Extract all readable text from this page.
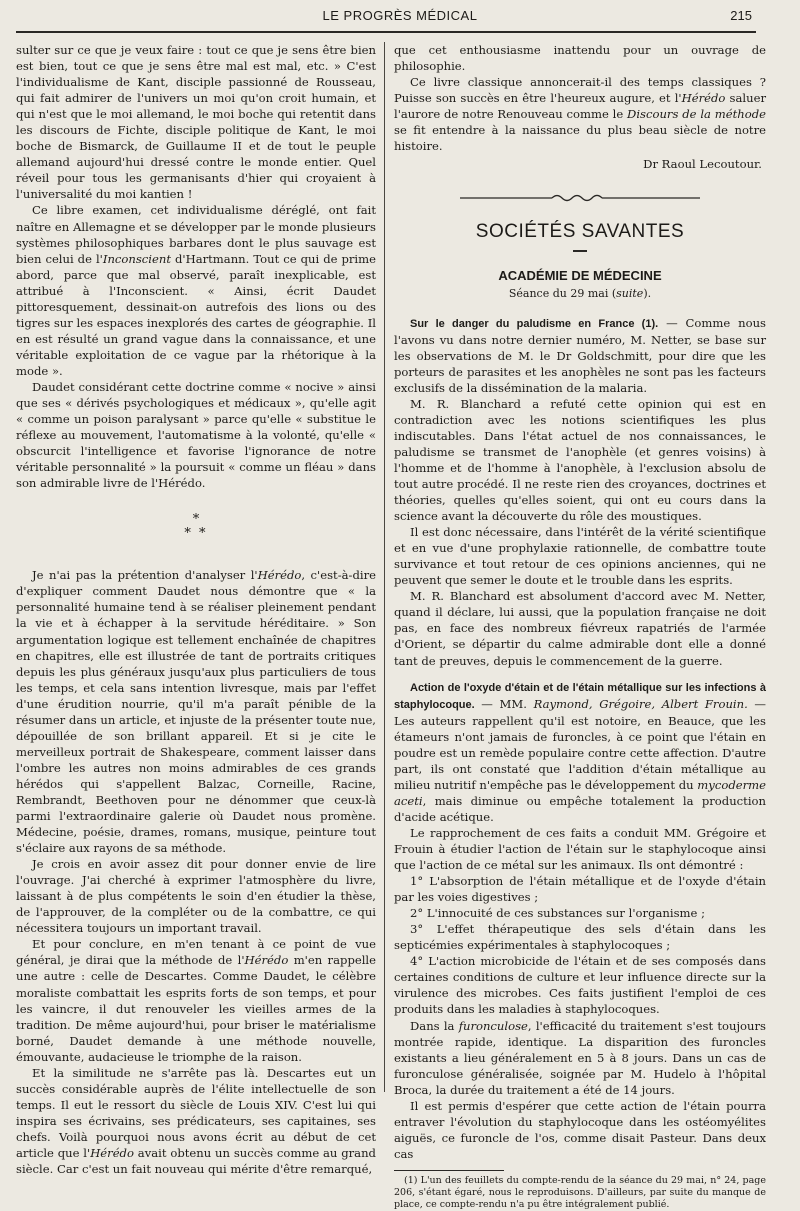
LE PROGRÈS MÉDICAL	215

sulter sur ce que je veux faire : tout ce que je sens être bien est bien, tout ce que je sens être mal est mal, etc. » C'est l'individualisme de Kant, disciple passionné de Rousseau, qui fait admirer de l'univers un moi qu'on croit humain, et qui n'est que le moi allemand, le moi boche qui retentit dans les discours de Fichte, disciple politique de Kant, le moi boche de Bismarck, de Guillaume II et de tout le peuple allemand aujourd'hui dressé contre le monde entier. Quel réveil pour tous les germanisants d'hier qui croyaient à l'universalité du moi kantien !

Ce libre examen, cet individualisme déréglé, ont fait naître en Allemagne et se développer par le monde plusieurs systèmes philosophiques barbares dont le plus sauvage est bien celui de l'Inconscient d'Hartmann. Tout ce qui de prime abord, parce que mal observé, paraît inexplicable, est attribué à l'Inconscient. « Ainsi, écrit Daudet pittoresquement, dessinait-on autrefois des lions ou des tigres sur les espaces inexplorés des cartes de géographie. Il en est résulté un grand vague dans la connaissance, et une véritable exploitation de ce vague par la rhétorique à la mode ».

Daudet considérant cette doctrine comme « nocive » ainsi que ses « dérivés psychologiques et médicaux », qu'elle agit « comme un poison paralysant » parce qu'elle « substitue le réflexe au mouvement, l'automatisme à la volonté, qu'elle « obscurcit l'intelligence et favorise l'ignorance de notre véritable personnalité » la poursuit « comme un fléau » dans son admirable livre de l'Hérédo.

*
* *

Je n'ai pas la prétention d'analyser l'Hérédo, c'est-à-dire d'expliquer comment Daudet nous démontre que « la personnalité humaine tend à se réaliser pleinement pendant la vie et à échapper à la servitude héréditaire. » Son argumentation logique est tellement enchaînée de chapitres en chapitres, elle est illustrée de tant de portraits critiques depuis les plus généraux jusqu'aux plus particuliers de tous les temps, et cela sans intention livresque, mais par l'effet d'une érudition nourrie, qu'il m'a paraît pénible de la résumer dans un article, et injuste de la présenter toute nue, dépouillée de son brillant appareil. Et si je cite le merveilleux portrait de Shakespeare, comment laisser dans l'ombre les autres non moins admirables de ces grands hérédos qui s'appellent Balzac, Corneille, Racine, Rembrandt, Beethoven pour ne dénommer que ceux-là parmi l'extraordinaire galerie où Daudet nous promène. Médecine, poésie, drames, romans, musique, peinture tout s'éclaire aux rayons de sa méthode.

Je crois en avoir assez dit pour donner envie de lire l'ouvrage. J'ai cherché à exprimer l'atmosphère du livre, laissant à de plus compétents le soin d'en étudier la thèse, de l'approuver, de la compléter ou de la combattre, ce qui nécessitera toujours un important travail.

Et pour conclure, en m'en tenant à ce point de vue général, je dirai que la méthode de l'Hérédo m'en rappelle une autre : celle de Descartes. Comme Daudet, le célèbre moraliste combattait les esprits forts de son temps, et pour les vaincre, il dut renouveler les vieilles armes de la tradition. De même aujourd'hui, pour briser le matérialisme borné, Daudet demande à une méthode nouvelle, émouvante, audacieuse le triomphe de la raison.

Et la similitude ne s'arrête pas là. Descartes eut un succès considérable auprès de l'élite intellectuelle de son temps. Il eut le ressort du siècle de Louis XIV. C'est lui qui inspira ses écrivains, ses prédicateurs, ses capitaines, ses chefs. Voilà pourquoi nous avons écrit au début de cet article que l'Hérédo avait obtenu un succès comme au grand siècle. Car c'est un fait nouveau qui mérite d'être remarqué,

que cet enthousiasme inattendu pour un ouvrage de philosophie.

Ce livre classique annoncerait-il des temps classiques ? Puisse son succès en être l'heureux augure, et l'Hérédo saluer l'aurore de notre Renouveau comme le Discours de la méthode se fit entendre à la naissance du plus beau siècle de notre histoire.

Dr Raoul Lecoutour.
SOCIÉTÉS SAVANTES
ACADÉMIE DE MÉDECINE
Séance du 29 mai (suite).

Sur le danger du paludisme en France (1). — Comme nous l'avons vu dans notre dernier numéro, M. Netter, se base sur les observations de M. le Dr Goldschmitt, pour dire que les porteurs de parasites et les anophèles ne sont pas les facteurs exclusifs de la dissémination de la malaria.

M. R. Blanchard a refuté cette opinion qui est en contradiction avec les notions scientifiques les plus indiscutables. Dans l'état actuel de nos connaissances, le paludisme se transmet de l'anophèle (et genres voisins) à l'homme et de l'homme à l'anophèle, à l'exclusion absolu de tout autre procédé. Il ne reste rien des croyances, doctrines et théories, quelles qu'elles soient, qui ont eu cours dans la science avant la découverte du rôle des moustiques.

Il est donc nécessaire, dans l'intérêt de la vérité scientifique et en vue d'une prophylaxie rationnelle, de combattre toute survivance et tout retour de ces opinions anciennes, qui ne peuvent que semer le doute et le trouble dans les esprits.

M. R. Blanchard est absolument d'accord avec M. Netter, quand il déclare, lui aussi, que la population française ne doit pas, en face des nombreux fiévreux rapatriés de l'armée d'Orient, se départir du calme admirable dont elle a donné tant de preuves, depuis le commencement de la guerre.

Action de l'oxyde d'étain et de l'étain métallique sur les infections à staphylocoque. — MM. Raymond, Grégoire, Albert Frouin. — Les auteurs rappellent qu'il est notoire, en Beauce, que les étameurs n'ont jamais de furoncles, à ce point que l'étain en poudre est un remède populaire contre cette affection. D'autre part, ils ont constaté que l'addition d'étain métallique au milieu nutritif n'empêche pas le développement du mycoderme aceti, mais diminue ou empêche totalement la production d'acide acétique.

Le rapprochement de ces faits a conduit MM. Grégoire et Frouin à étudier l'action de l'étain sur le staphylocoque ainsi que l'action de ce métal sur les animaux. Ils ont démontré :

1° L'absorption de l'étain métallique et de l'oxyde d'étain par les voies digestives ;

2° L'innocuité de ces substances sur l'organisme ;

3° L'effet thérapeutique des sels d'étain dans les septicémies expérimentales à staphylocoques ;

4° L'action microbicide de l'étain et de ses composés dans certaines conditions de culture et leur influence directe sur la virulence des microbes. Ces faits justifient l'emploi de ces produits dans les maladies à staphylocoques.

Dans la furonculose, l'efficacité du traitement s'est toujours montrée rapide, identique. La disparition des furoncles existants a lieu généralement en 5 à 8 jours. Dans un cas de furonculose généralisée, soignée par M. Hudelo à l'hôpital Broca, la durée du traitement a été de 14 jours.

Il est permis d'espérer que cette action de l'étain pourra entraver l'évolution du staphylocoque dans les ostéomyélites aiguës, ce furoncle de l'os, comme disait Pasteur. Dans deux cas

(1) L'un des feuillets du compte-rendu de la séance du 29 mai, n° 24, page 206, s'étant égaré, nous le reproduisons. D'ailleurs, par suite du manque de place, ce compte-rendu n'a pu être intégralement publié.
